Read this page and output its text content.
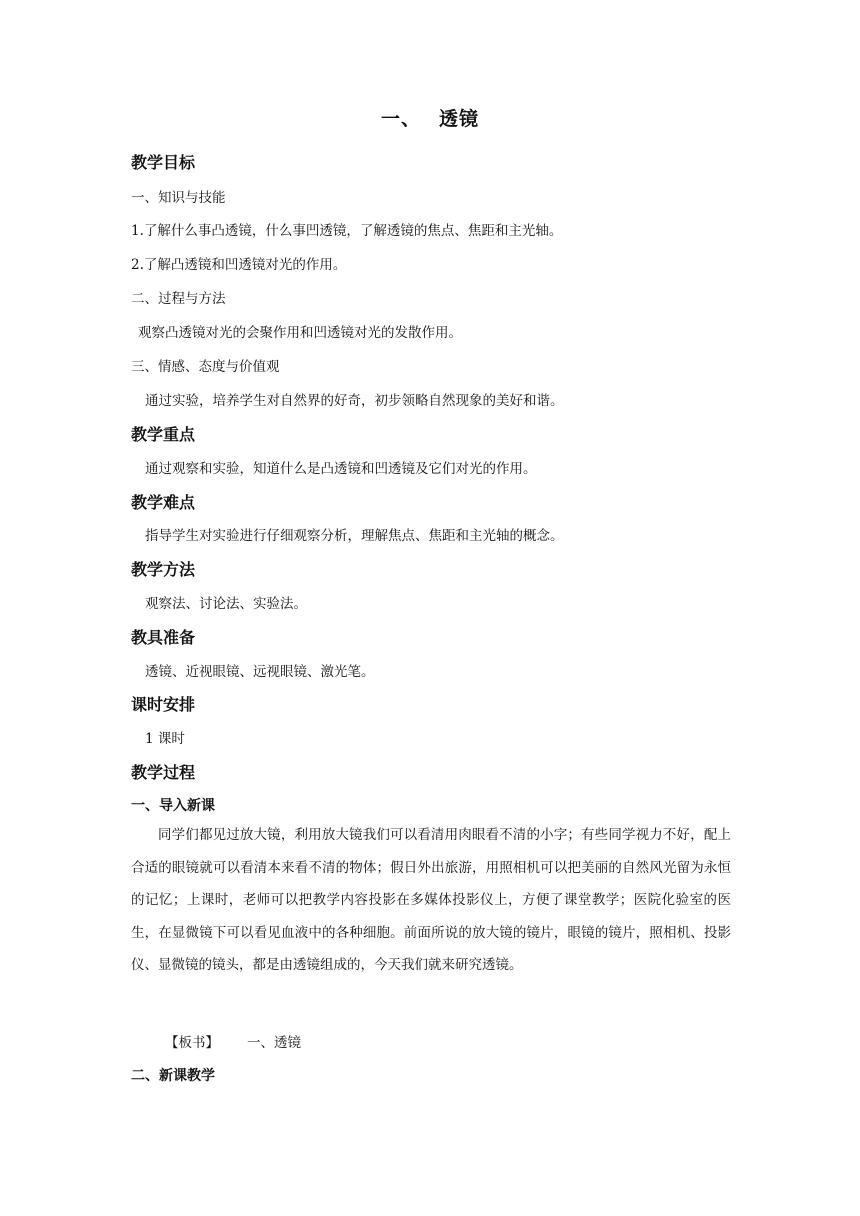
一、 透镜
教学目标
一、知识与技能
1.了解什么事凸透镜，什么事凹透镜，了解透镜的焦点、焦距和主光轴。
2.了解凸透镜和凹透镜对光的作用。
二、过程与方法
观察凸透镜对光的会聚作用和凹透镜对光的发散作用。
三、情感、态度与价值观
通过实验，培养学生对自然界的好奇，初步领略自然现象的美好和谐。
教学重点
通过观察和实验，知道什么是凸透镜和凹透镜及它们对光的作用。
教学难点
指导学生对实验进行仔细观察分析，理解焦点、焦距和主光轴的概念。
教学方法
观察法、讨论法、实验法。
教具准备
透镜、近视眼镜、远视眼镜、激光笔。
课时安排
1 课时
教学过程
一、导入新课
同学们都见过放大镜，利用放大镜我们可以看清用肉眼看不清的小字；有些同学视力不好，配上合适的眼镜就可以看清本来看不清的物体；假日外出旅游，用照相机可以把美丽的自然风光留为永恒的记忆；上课时，老师可以把教学内容投影在多媒体投影仪上，方便了课堂教学；医院化验室的医生，在显微镜下可以看见血液中的各种细胞。前面所说的放大镜的镜片，眼镜的镜片，照相机、投影仪、显微镜的镜头，都是由透镜组成的，今天我们就来研究透镜。
【板书】 一、透镜
二、新课教学
